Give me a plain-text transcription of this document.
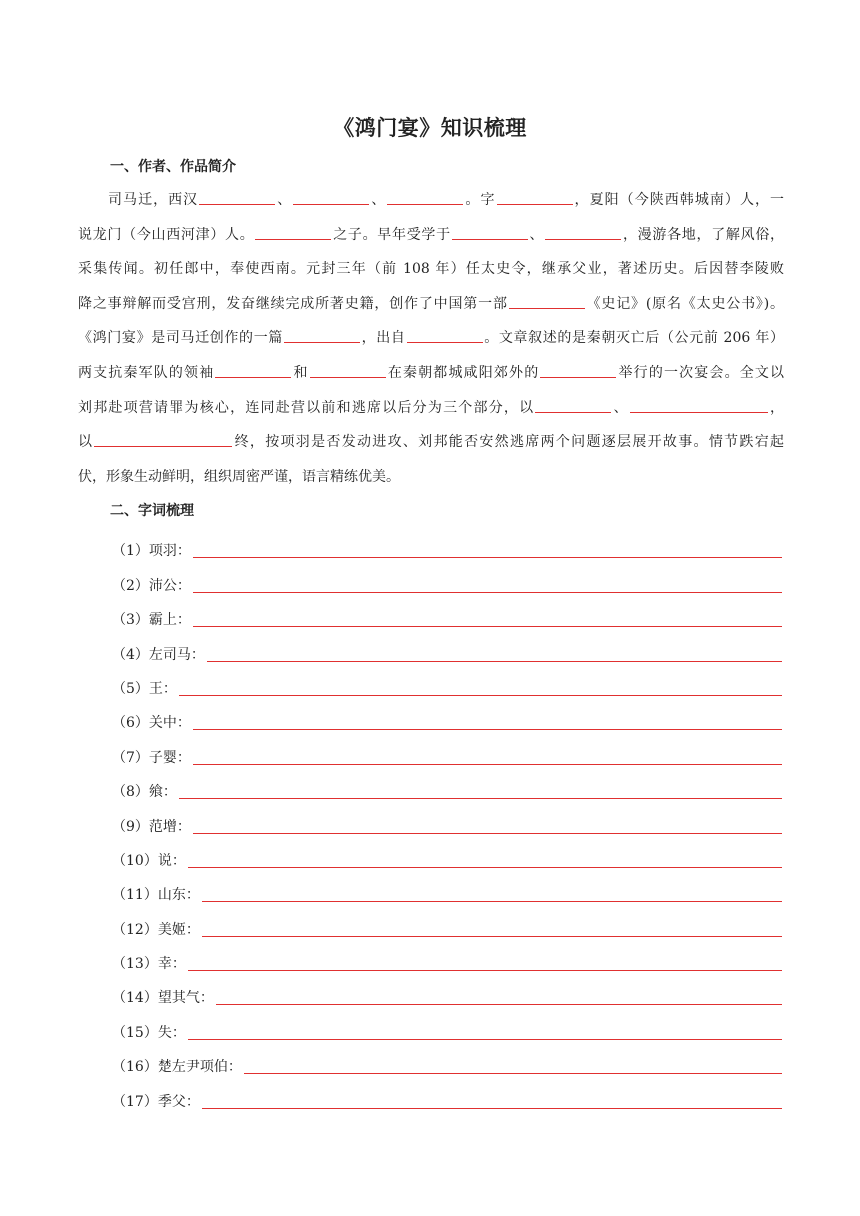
《鸿门宴》知识梳理
一、作者、作品简介
司马迁，西汉	、	、	。字	，夏阳（今陕西韩城南）人，一
说龙门（今山西河津）人。	之子。早年受学于	、	，漫游各地，了解风俗，
采集传闻。初任郎中，奉使西南。元封三年（前 108 年）任太史令，继承父业，著述历史。后因替李陵败
降之事辩解而受宫刑，发奋继续完成所著史籍，创作了中国第一部	《史记》(原名《太史公书》)。
《鸿门宴》是司马迁创作的一篇	，出自	。文章叙述的是秦朝灭亡后（公元前 206 年）
两支抗秦军队的领袖	和	在秦朝都城咸阳郊外的	举行的一次宴会。全文以
刘邦赴项营请罪为核心，连同赴营以前和逃席以后分为三个部分，以	、	，
以	终，按项羽是否发动进攻、刘邦能否安然逃席两个问题逐层展开故事。情节跌宕起
伏，形象生动鲜明，组织周密严谨，语言精练优美。
二、字词梳理
（1）项羽：
（2）沛公：
（3）霸上：
（4）左司马：
（5）王：
（6）关中：
（7）子婴：
（8）飨：
（9）范增：
（10）说：
（11）山东：
（12）美姬：
（13）幸：
（14）望其气：
（15）失：
（16）楚左尹项伯：
（17）季父：
